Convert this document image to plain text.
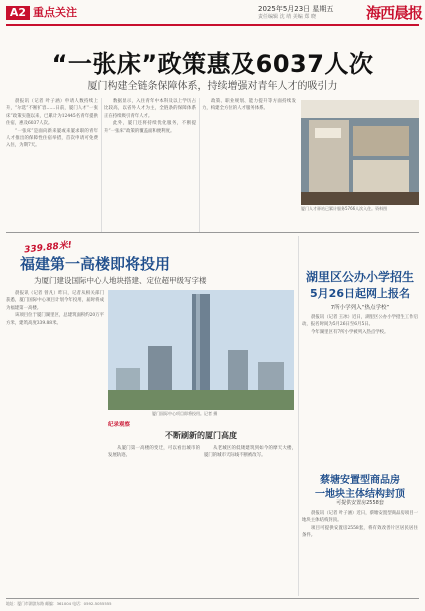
A2 重点关注	2025年5月23日 星期五
责任编辑 沈 靖 美编 郑 晓	海西晨报
“一张床”政策惠及6037人次
厦门构建全链条保障体系，持续增强对青年人才的吸引力

晨报讯（记者 叶子涵）申请人数持续上升，“尔选”不断扩容……日前，厦门人才“一张床”政策实施以来，已累计为12445名青年提供住宿，惠及6037人次。

“一张床”是面向新来厦或来厦求职的青年人才推出的保障性住宿举措，首次申请可免费入住，为期7天。

数据显示，入住青年中本科及以上学历占比较高，以省外人才为主，全链条的保障体系正在持续吸引青年人才。

此外，厦门还将持续优化服务，不断提升“一张床”政策的覆盖面和便利度。

政策、职业规划、能力提升等方面持续发力，构建全方位的人才服务体系。

厦门人才驿站已累计服务5766人次入住。资料图
339.88米!
福建第一高楼即将投用
为厦门建设国际中心人地块搭建、定位超甲级写字楼

晨报讯（记者 曾凡）昨日，记者从相关部门获悉，厦门国际中心项目计划今年投用，届时将成为福建第一高楼。

该项目位于厦门湖里区，总建筑面积约20万平方米，建筑高度339.88米。

厦门国际中心项目即将投用。记者 摄

从厦门第一高楼的变迁，可以看出城市的发展轨迹。

从老城区的低矮建筑到如今的摩天大楼，厦门的城市天际线不断被改写。

纪录观察
不断刷新的厦门高度
湖里区公办小学招生
5月26日起网上报名
7所小学列入“热点学校”

晨报讯（记者 王冰）近日，湖里区公办小学招生工作启动，报名时间为5月26日至6月5日。

今年湖里区有7所小学被列入热点学校。

蔡塘安置型商品房
一地块主体结构封顶
可提供安置房2558套

晨报讯（记者 叶子涵）近日，蔡塘安置型商品房项目一地块主体结构封顶。

项目可提供安置房2558套，将有效改善片区居民居住条件。

地址：厦门市湖滨东路 邮编：361004 电话：0592-5055555
